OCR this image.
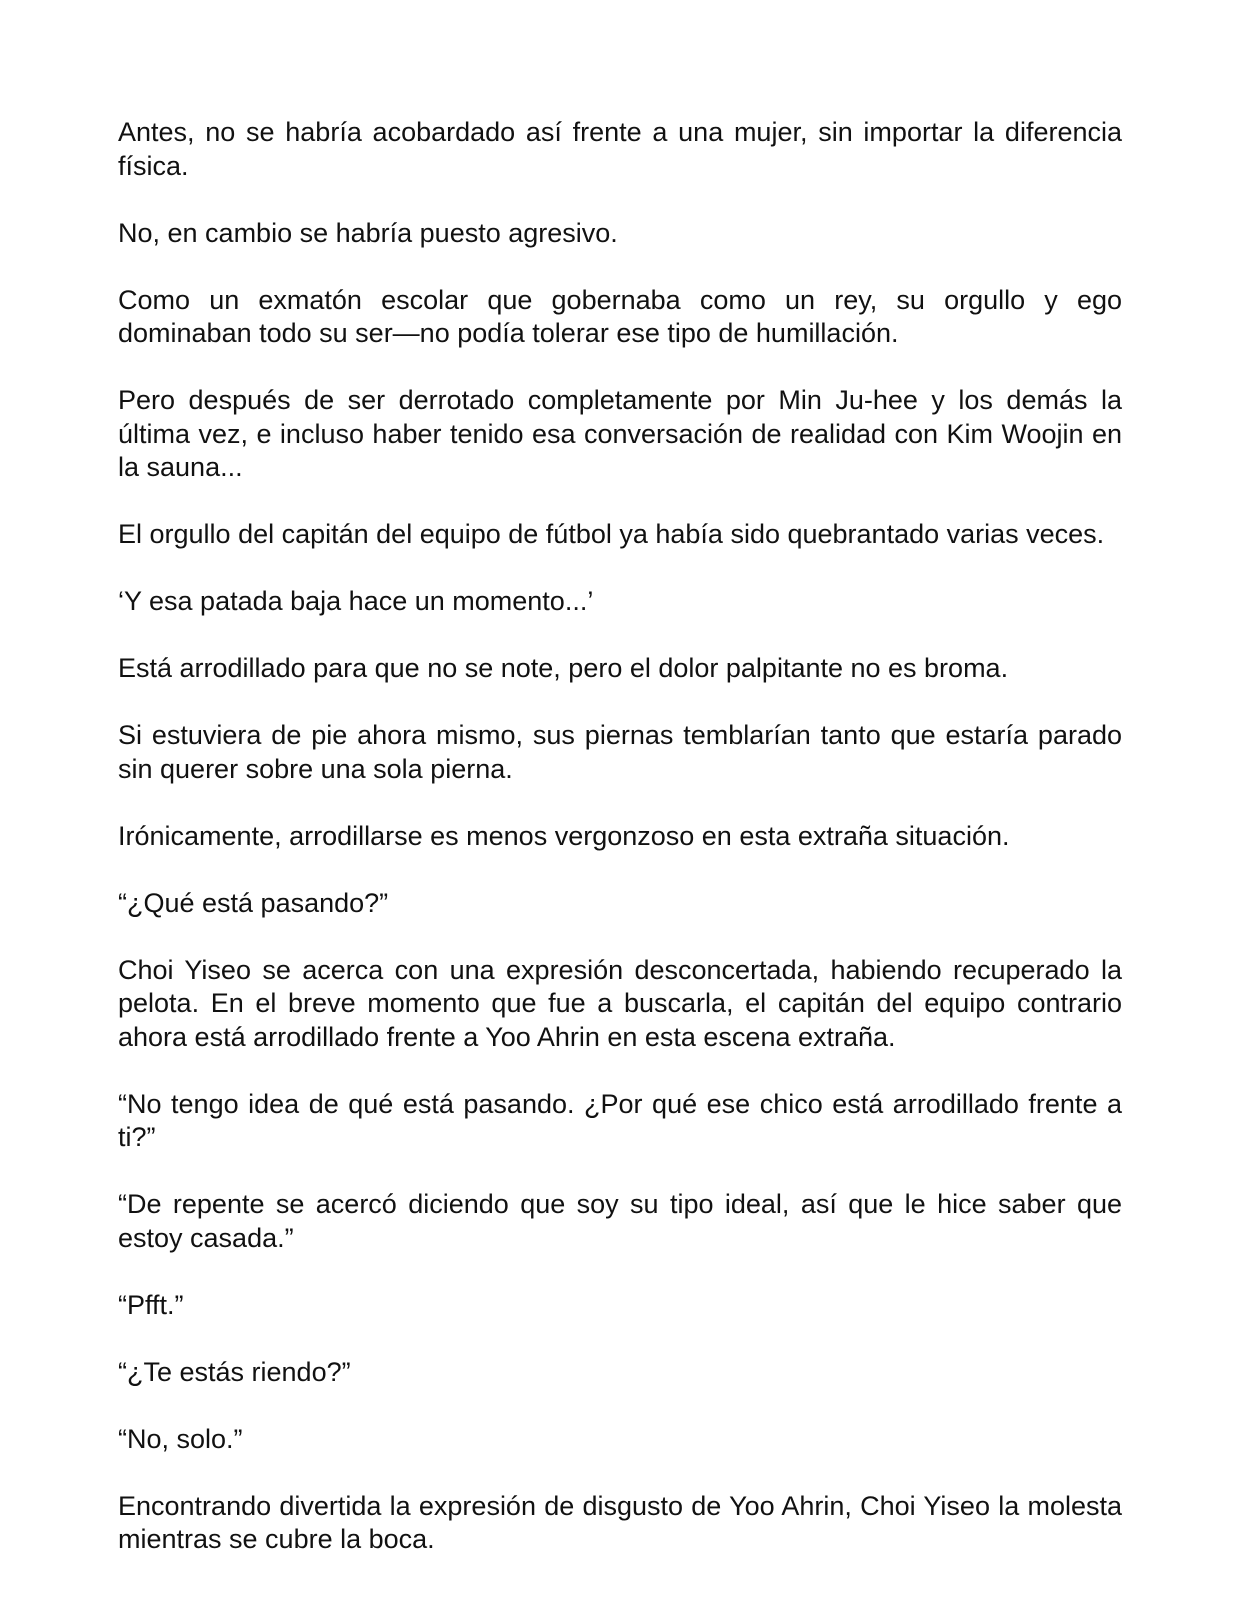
Antes, no se habría acobardado así frente a una mujer, sin importar la diferencia física.

No, en cambio se habría puesto agresivo.

Como un exmatón escolar que gobernaba como un rey, su orgullo y ego dominaban todo su ser—no podía tolerar ese tipo de humillación.

Pero después de ser derrotado completamente por Min Ju-hee y los demás la última vez, e incluso haber tenido esa conversación de realidad con Kim Woojin en la sauna...

El orgullo del capitán del equipo de fútbol ya había sido quebrantado varias veces.

‘Y esa patada baja hace un momento...’

Está arrodillado para que no se note, pero el dolor palpitante no es broma.

Si estuviera de pie ahora mismo, sus piernas temblarían tanto que estaría parado sin querer sobre una sola pierna.

Irónicamente, arrodillarse es menos vergonzoso en esta extraña situación.

“¿Qué está pasando?”

Choi Yiseo se acerca con una expresión desconcertada, habiendo recuperado la pelota. En el breve momento que fue a buscarla, el capitán del equipo contrario ahora está arrodillado frente a Yoo Ahrin en esta escena extraña.

“No tengo idea de qué está pasando. ¿Por qué ese chico está arrodillado frente a ti?”

“De repente se acercó diciendo que soy su tipo ideal, así que le hice saber que estoy casada.”

“Pfft.”

“¿Te estás riendo?”

“No, solo.”

Encontrando divertida la expresión de disgusto de Yoo Ahrin, Choi Yiseo la molesta mientras se cubre la boca.
